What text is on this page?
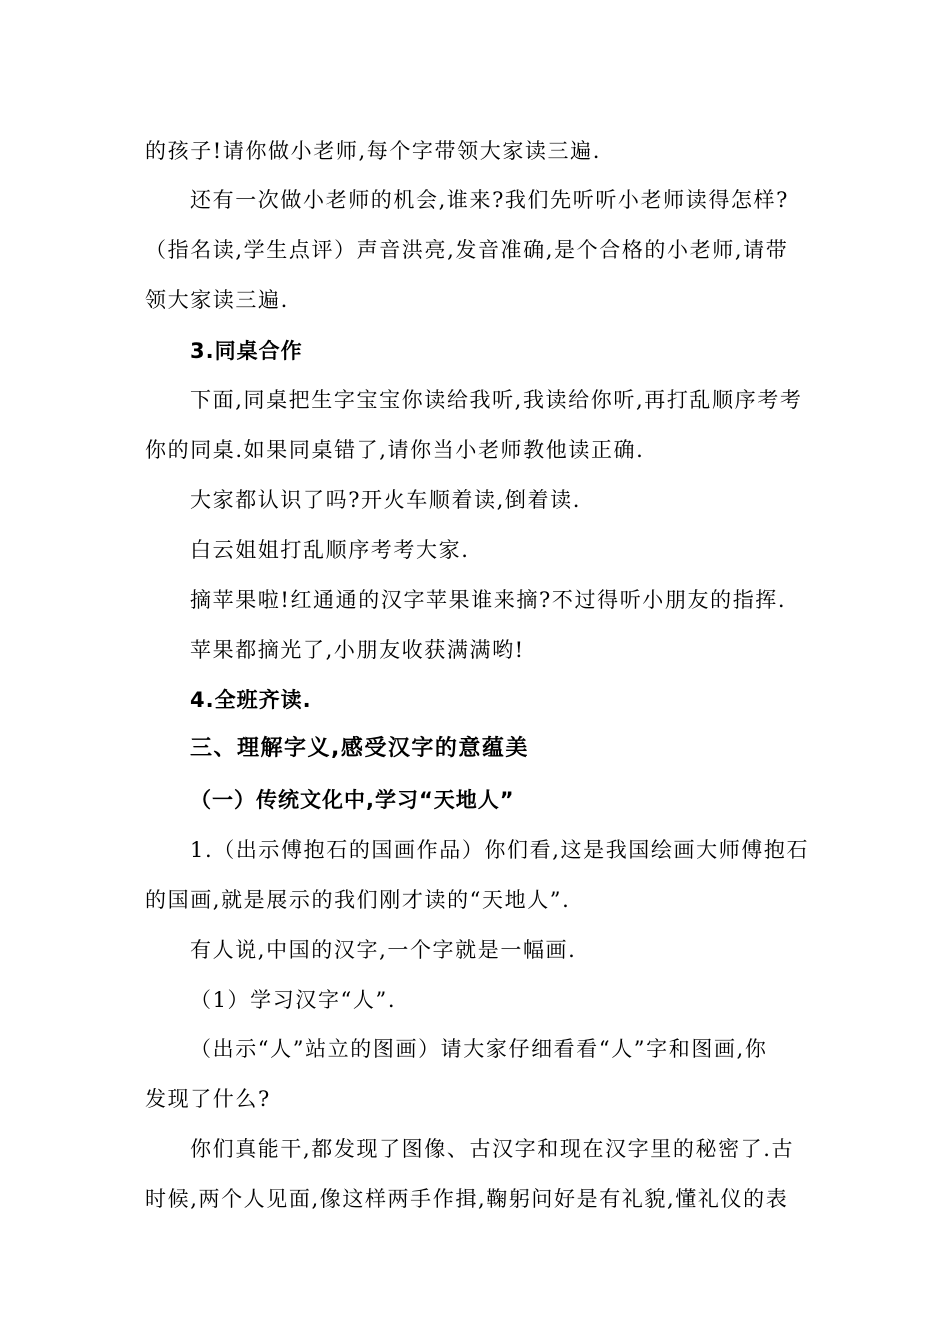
的孩子!请你做小老师,每个字带领大家读三遍.
还有一次做小老师的机会,谁来?我们先听听小老师读得怎样?
（指名读,学生点评）声音洪亮,发音准确,是个合格的小老师,请带
领大家读三遍.
3.同桌合作
下面,同桌把生字宝宝你读给我听,我读给你听,再打乱顺序考考
你的同桌.如果同桌错了,请你当小老师教他读正确.
大家都认识了吗?开火车顺着读,倒着读.
白云姐姐打乱顺序考考大家.
摘苹果啦!红通通的汉字苹果谁来摘?不过得听小朋友的指挥.
苹果都摘光了,小朋友收获满满哟!
4.全班齐读.
三、理解字义,感受汉字的意蕴美
（一）传统文化中,学习“天地人”
1.（出示傅抱石的国画作品）你们看,这是我国绘画大师傅抱石
的国画,就是展示的我们刚才读的“天地人”.
有人说,中国的汉字,一个字就是一幅画.
（1）学习汉字“人”.
（出示“人”站立的图画）请大家仔细看看“人”字和图画,你
发现了什么?
你们真能干,都发现了图像、古汉字和现在汉字里的秘密了.古
时候,两个人见面,像这样两手作揖,鞠躬问好是有礼貌,懂礼仪的表
